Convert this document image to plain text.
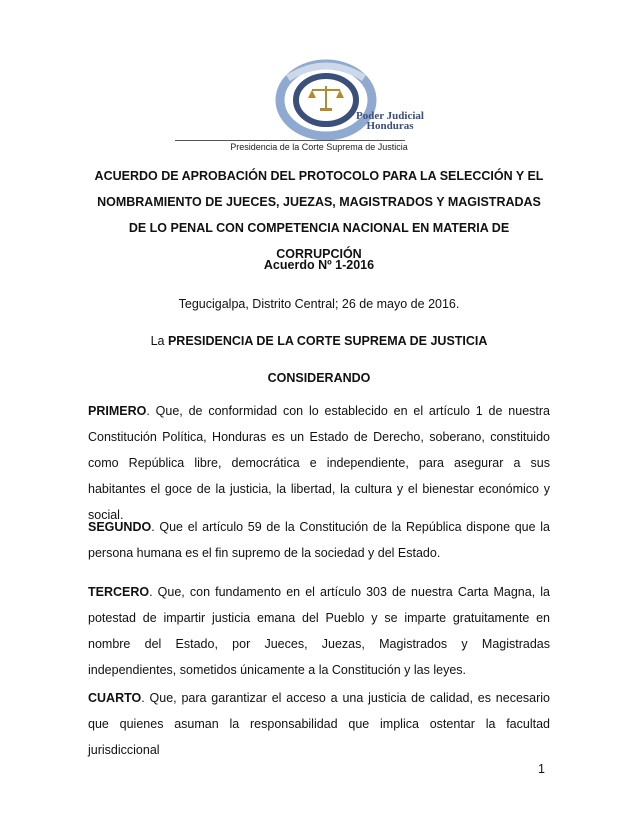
Poder Judicial
Honduras
Presidencia de la Corte Suprema de Justicia
ACUERDO DE APROBACIÓN DEL PROTOCOLO PARA LA SELECCIÓN Y EL NOMBRAMIENTO DE JUECES, JUEZAS, MAGISTRADOS Y MAGISTRADAS DE LO PENAL CON COMPETENCIA NACIONAL EN MATERIA DE CORRUPCIÓN
Acuerdo Nº 1-2016
Tegucigalpa, Distrito Central; 26 de mayo de 2016.
La PRESIDENCIA DE LA CORTE SUPREMA DE JUSTICIA
CONSIDERANDO
PRIMERO. Que, de conformidad con lo establecido en el artículo 1 de nuestra Constitución Política, Honduras es un Estado de Derecho, soberano, constituido como República libre, democrática e independiente, para asegurar a sus habitantes el goce de la justicia, la libertad, la cultura y el bienestar económico y social.
SEGUNDO. Que el artículo 59 de la Constitución de la República dispone que la persona humana es el fin supremo de la sociedad y del Estado.
TERCERO. Que, con fundamento en el artículo 303 de nuestra Carta Magna, la potestad de impartir justicia emana del Pueblo y se imparte gratuitamente en nombre del Estado, por Jueces, Juezas, Magistrados y Magistradas independientes, sometidos únicamente a la Constitución y las leyes.
CUARTO. Que, para garantizar el acceso a una justicia de calidad, es necesario que quienes asuman la responsabilidad que implica ostentar la facultad jurisdiccional
1
